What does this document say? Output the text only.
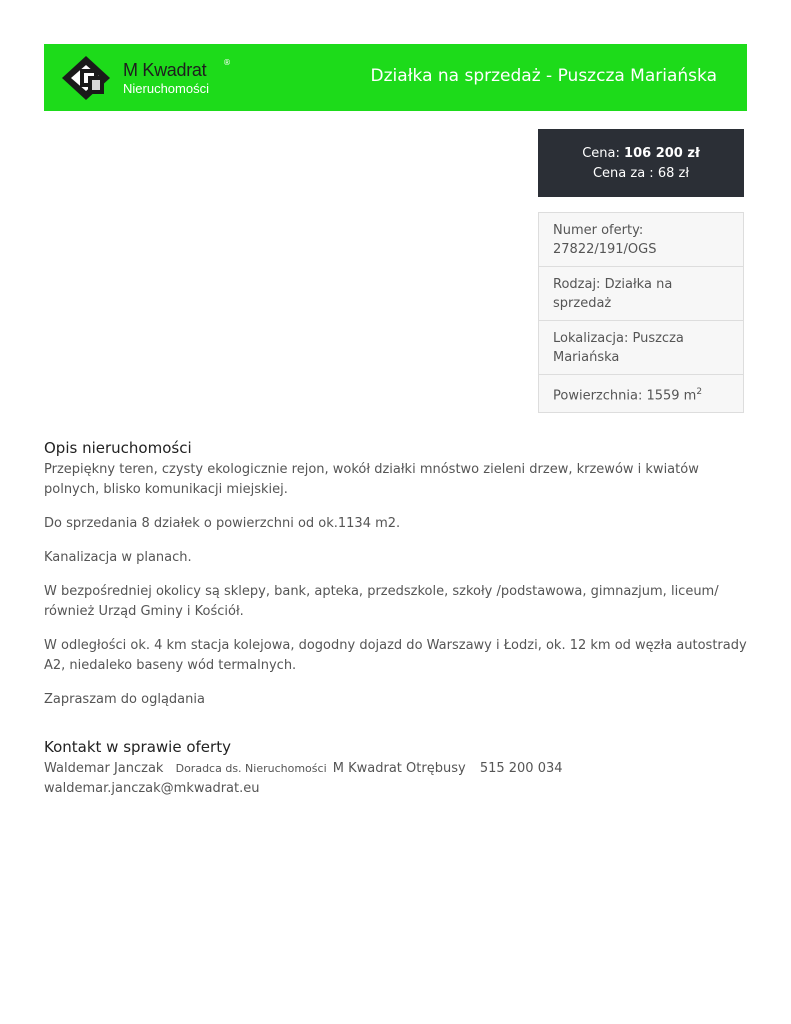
M Kwadrat ®
Nieruchomości
Działka na sprzedaż - Puszcza Mariańska
Cena: 106 200 zł
Cena za : 68 zł
Numer oferty: 27822/191/OGS
Rodzaj: Działka na sprzedaż
Lokalizacja: Puszcza Mariańska
Powierzchnia: 1559 $m^2$
Opis nieruchomości

Przepiękny teren, czysty ekologicznie rejon, wokół działki mnóstwo zieleni drzew, krzewów i kwiatów polnych, blisko komunikacji miejskiej.

Do sprzedania 8 działek o powierzchni od ok.1134 m2.

Kanalizacja w planach.

W bezpośredniej okolicy są sklepy, bank, apteka, przedszkole, szkoły /podstawowa, gimnazjum, liceum/ również Urząd Gminy i Kościół.

W odległości ok. 4 km stacja kolejowa, dogodny dojazd do Warszawy i Łodzi, ok. 12 km od węzła autostrady A2, niedaleko baseny wód termalnych.

Zapraszam do oglądania

Kontakt w sprawie oferty
Waldemar Janczak Doradca ds. Nieruchomości M Kwadrat Otrębusy 515 200 034
waldemar.janczak@mkwadrat.eu
